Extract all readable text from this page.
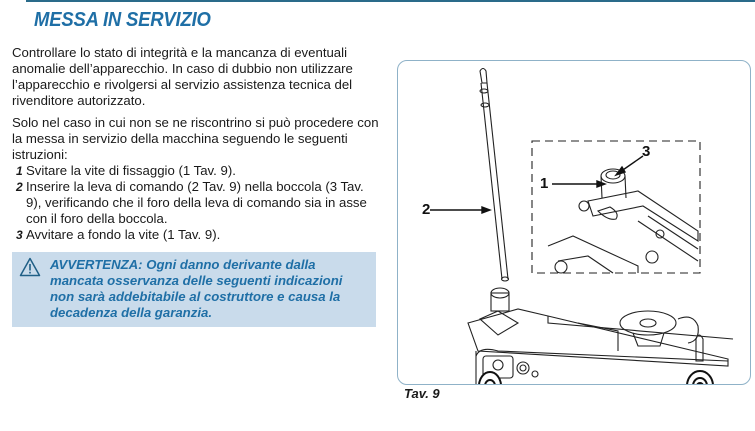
MESSA IN SERVIZIO

Controllare lo stato di integrità e la mancanza di eventuali anomalie dell’apparecchio. In caso di dubbio non utilizzare l’apparecchio e rivolgersi al servizio assistenza tecnica del rivenditore autorizzato.

Solo nel caso in cui non se ne riscontrino si può procedere con la messa in servizio della macchina seguendo le seguenti istruzioni:

1 Svitare la vite di fissaggio (1 Tav. 9).
2 Inserire la leva di comando (2 Tav. 9) nella boccola (3 Tav. 9), verificando che il foro della leva di comando sia in asse con il foro della boccola.
3 Avvitare a fondo la vite (1 Tav. 9).
AVVERTENZA: Ogni danno derivante dalla mancata osservanza delle seguenti indicazioni non sarà addebitabile al costruttore e causa la decadenza della garanzia.
2
1
3
Tav. 9
